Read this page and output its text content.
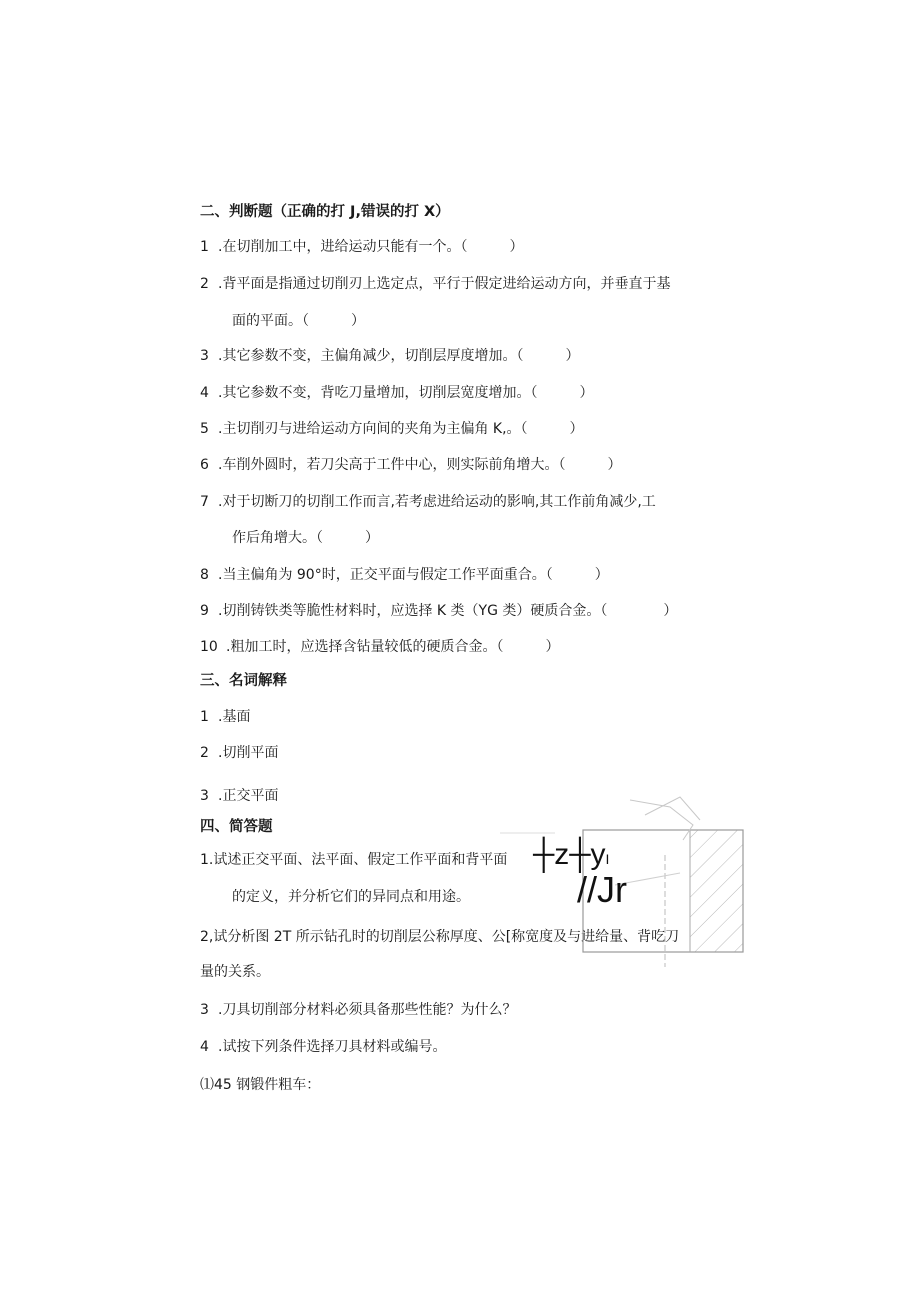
二、判断题（正确的打 J,错误的打 X）
1 .在切削加工中，进给运动只能有一个。（　　　）
2 .背平面是指通过切削刃上选定点，平行于假定进给运动方向，并垂直于基
面的平面。（　　　）
3 .其它参数不变，主偏角减少，切削层厚度增加。（　　　）
4 .其它参数不变，背吃刀量增加，切削层宽度增加。（　　　）
5 .主切削刃与进给运动方向间的夹角为主偏角 K,。（　　　）
6 .车削外圆时，若刀尖高于工件中心，则实际前角增大。（　　　）
7 .对于切断刀的切削工作而言,若考虑进给运动的影响,其工作前角减少,工
作后角增大。（　　　）
8 .当主偏角为 90°时，正交平面与假定工作平面重合。（　　　）
9 .切削铸铁类等脆性材料时，应选择 K 类（YG 类）硬质合金。（　　　　）
10 .粗加工时，应选择含钻量较低的硬质合金。（　　　）
三、名词解释
1 .基面
2 .切削平面
3 .正交平面
四、简答题
1.试述正交平面、法平面、假定工作平面和背平面
的定义，并分析它们的异同点和用途。
2,试分析图 2T 所示钻孔时的切削层公称厚度、公[称宽度及与进给量、背吃刀
量的关系。
3 .刀具切削部分材料必须具备那些性能？为什么？
4 .试按下列条件选择刀具材料或编号。
⑴45 钢锻件粗车：
┼z┼yI
//Jr
